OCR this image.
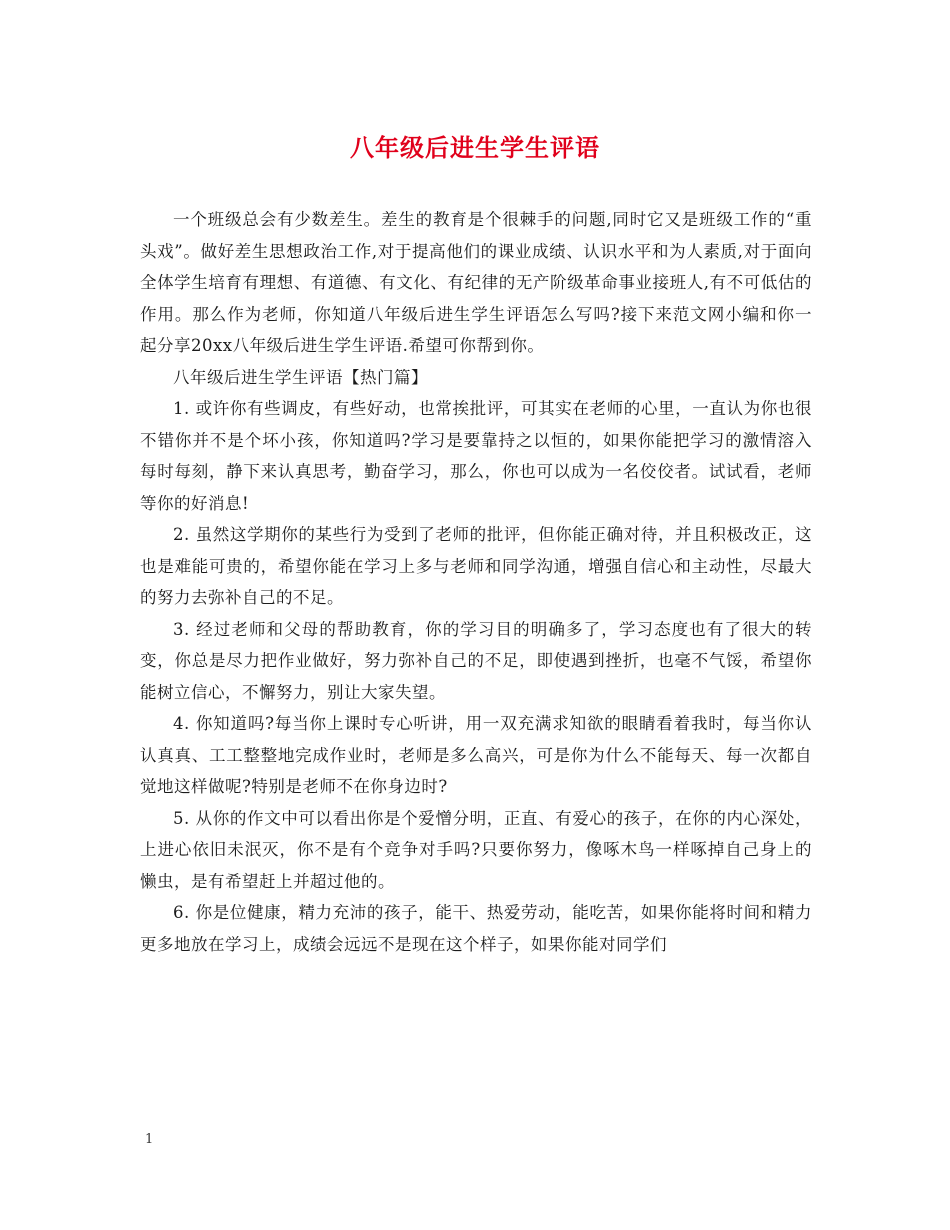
八年级后进生学生评语

一个班级总会有少数差生。差生的教育是个很棘手的问题,同时它又是班级工作的“重头戏”。做好差生思想政治工作,对于提高他们的课业成绩、认识水平和为人素质,对于面向全体学生培育有理想、有道德、有文化、有纪律的无产阶级革命事业接班人,有不可低估的作用。那么作为老师，你知道八年级后进生学生评语怎么写吗?接下来范文网小编和你一起分享20xx八年级后进生学生评语.希望可你帮到你。

八年级后进生学生评语【热门篇】

1. 或许你有些调皮，有些好动，也常挨批评，可其实在老师的心里，一直认为你也很不错你并不是个坏小孩，你知道吗?学习是要靠持之以恒的，如果你能把学习的激情溶入每时每刻，静下来认真思考，勤奋学习，那么，你也可以成为一名佼佼者。试试看，老师等你的好消息!

2. 虽然这学期你的某些行为受到了老师的批评，但你能正确对待，并且积极改正，这也是难能可贵的，希望你能在学习上多与老师和同学沟通，增强自信心和主动性，尽最大的努力去弥补自己的不足。

3. 经过老师和父母的帮助教育，你的学习目的明确多了，学习态度也有了很大的转变，你总是尽力把作业做好，努力弥补自己的不足，即使遇到挫折，也毫不气馁，希望你能树立信心，不懈努力，别让大家失望。

4. 你知道吗?每当你上课时专心听讲，用一双充满求知欲的眼睛看着我时，每当你认认真真、工工整整地完成作业时，老师是多么高兴，可是你为什么不能每天、每一次都自觉地这样做呢?特别是老师不在你身边时?

5. 从你的作文中可以看出你是个爱憎分明，正直、有爱心的孩子，在你的内心深处，上进心依旧未泯灭，你不是有个竞争对手吗?只要你努力，像啄木鸟一样啄掉自己身上的懒虫，是有希望赶上并超过他的。

6. 你是位健康，精力充沛的孩子，能干、热爱劳动，能吃苦，如果你能将时间和精力更多地放在学习上，成绩会远远不是现在这个样子，如果你能对同学们

1
